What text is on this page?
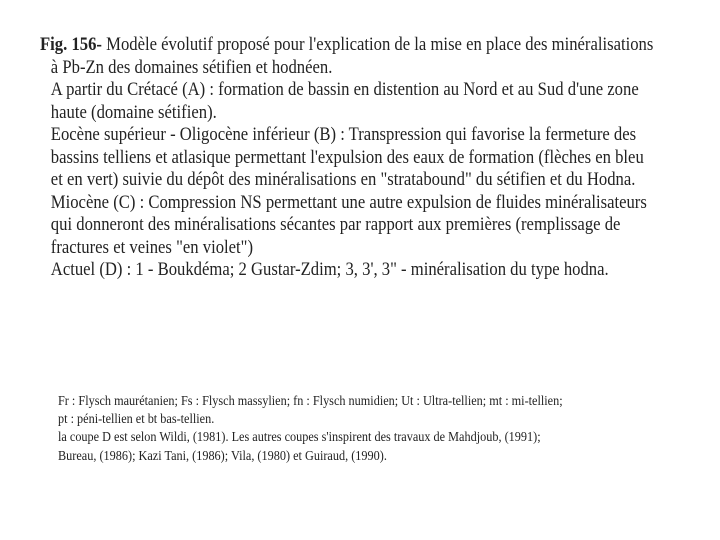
Fig. 156- Modèle évolutif proposé pour l'explication de la mise en place des minéralisations
à Pb-Zn des domaines sétifien et hodnéen.
A partir du Crétacé (A) : formation de bassin en distention au Nord et au Sud d'une zone
haute (domaine sétifien).
Eocène supérieur - Oligocène inférieur (B) : Transpression qui favorise la fermeture des
bassins telliens et atlasique permettant l'expulsion des eaux de formation (flèches en bleu
et en vert) suivie du dépôt des minéralisations en "stratabound" du sétifien et du Hodna.
Miocène (C) : Compression NS permettant une autre expulsion de fluides minéralisateurs
qui donneront des minéralisations sécantes par rapport aux premières (remplissage de
fractures et veines "en violet")
Actuel (D) : 1 - Boukdéma; 2 Gustar-Zdim; 3, 3', 3" - minéralisation du type hodna.
Fr : Flysch maurétanien; Fs : Flysch massylien; fn : Flysch numidien; Ut : Ultra-tellien; mt : mi-tellien;
pt : péni-tellien et bt bas-tellien.
la coupe D est selon Wildi, (1981). Les autres coupes s'inspirent des travaux de Mahdjoub, (1991);
Bureau, (1986); Kazi Tani, (1986); Vila, (1980) et Guiraud, (1990).
